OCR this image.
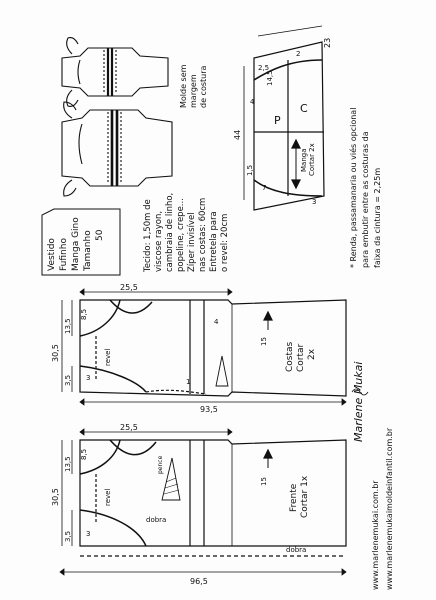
Vestido Fufinho Manga Gino Tamanho 50	Tecido: 1,50m de viscose rayon, cambraia de linho, popeline, crepe... Zíper invisível nas costas: 60cm Entretela para o revel: 20cm
Molde sem margem de costura
23
44
14,5
P
C
Manga Cortar 2x
7
3
4
2,5
1,5
2
* Renda, passamanaria ou viés opcional para embutir entre as costuras da faixa da cintura = 2,25m
25,5
30,5
13,5
8,5
3,5 3
15
4
93,5
revel
1
Costas Cortar 2x
25,5
30,5
13,5
8,5
3,5 3
15
96,5
revel
dobra
dobra
pence
Frente Cortar 1x
Marlene Mukai
www.marlenemukai.com.br www.marlenemukaimoldeinfantil.com.br
